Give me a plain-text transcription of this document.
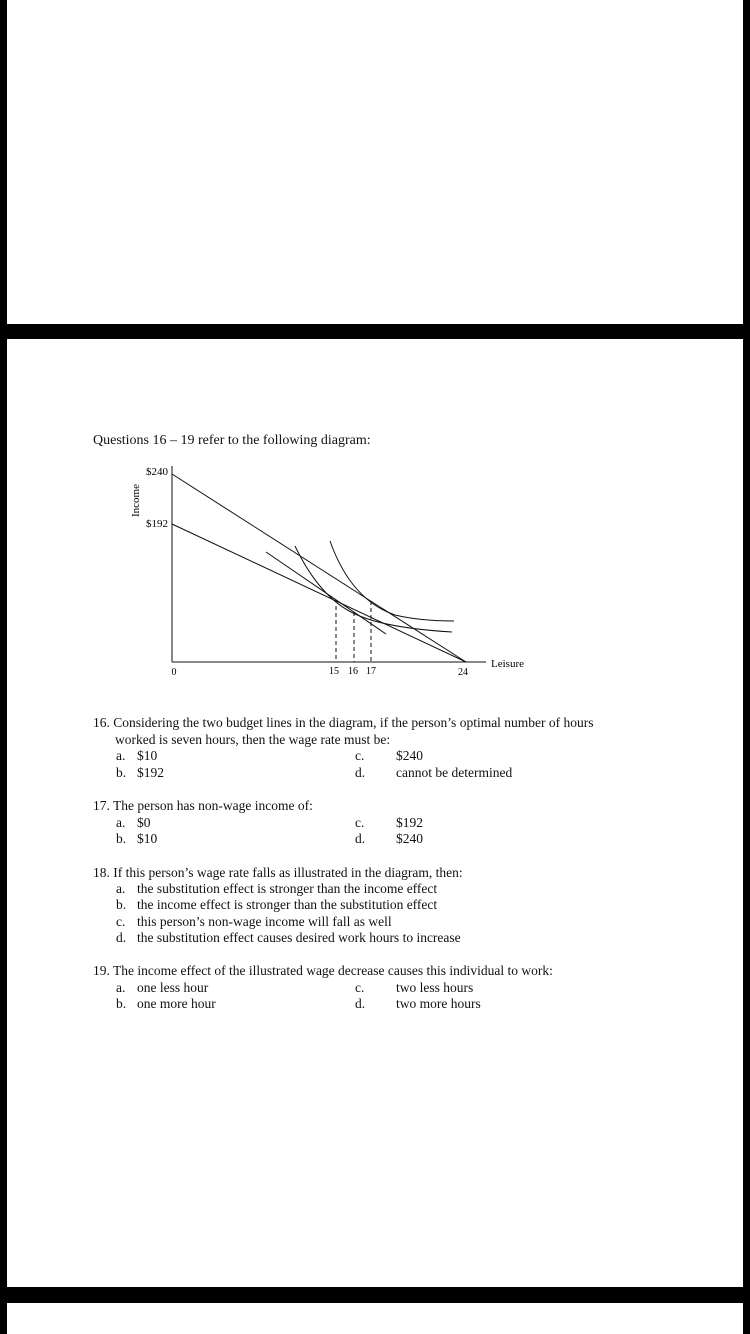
Questions 16 – 19 refer to the following diagram:
Income
Leisure
$240
$192
0	15 16 17	24
16. Considering the two budget lines in the diagram, if the person’s optimal number of hours
worked is seven hours, then the wage rate must be:
a. $10
b. $192
c. $240
d. cannot be determined
17. The person has non-wage income of:
a. $0
b. $10
c. $192
d. $240
18. If this person’s wage rate falls as illustrated in the diagram, then:
a. the substitution effect is stronger than the income effect
b. the income effect is stronger than the substitution effect
c. this person’s non-wage income will fall as well
d. the substitution effect causes desired work hours to increase
19. The income effect of the illustrated wage decrease causes this individual to work:
a. one less hour
b. one more hour
c. two less hours
d. two more hours
